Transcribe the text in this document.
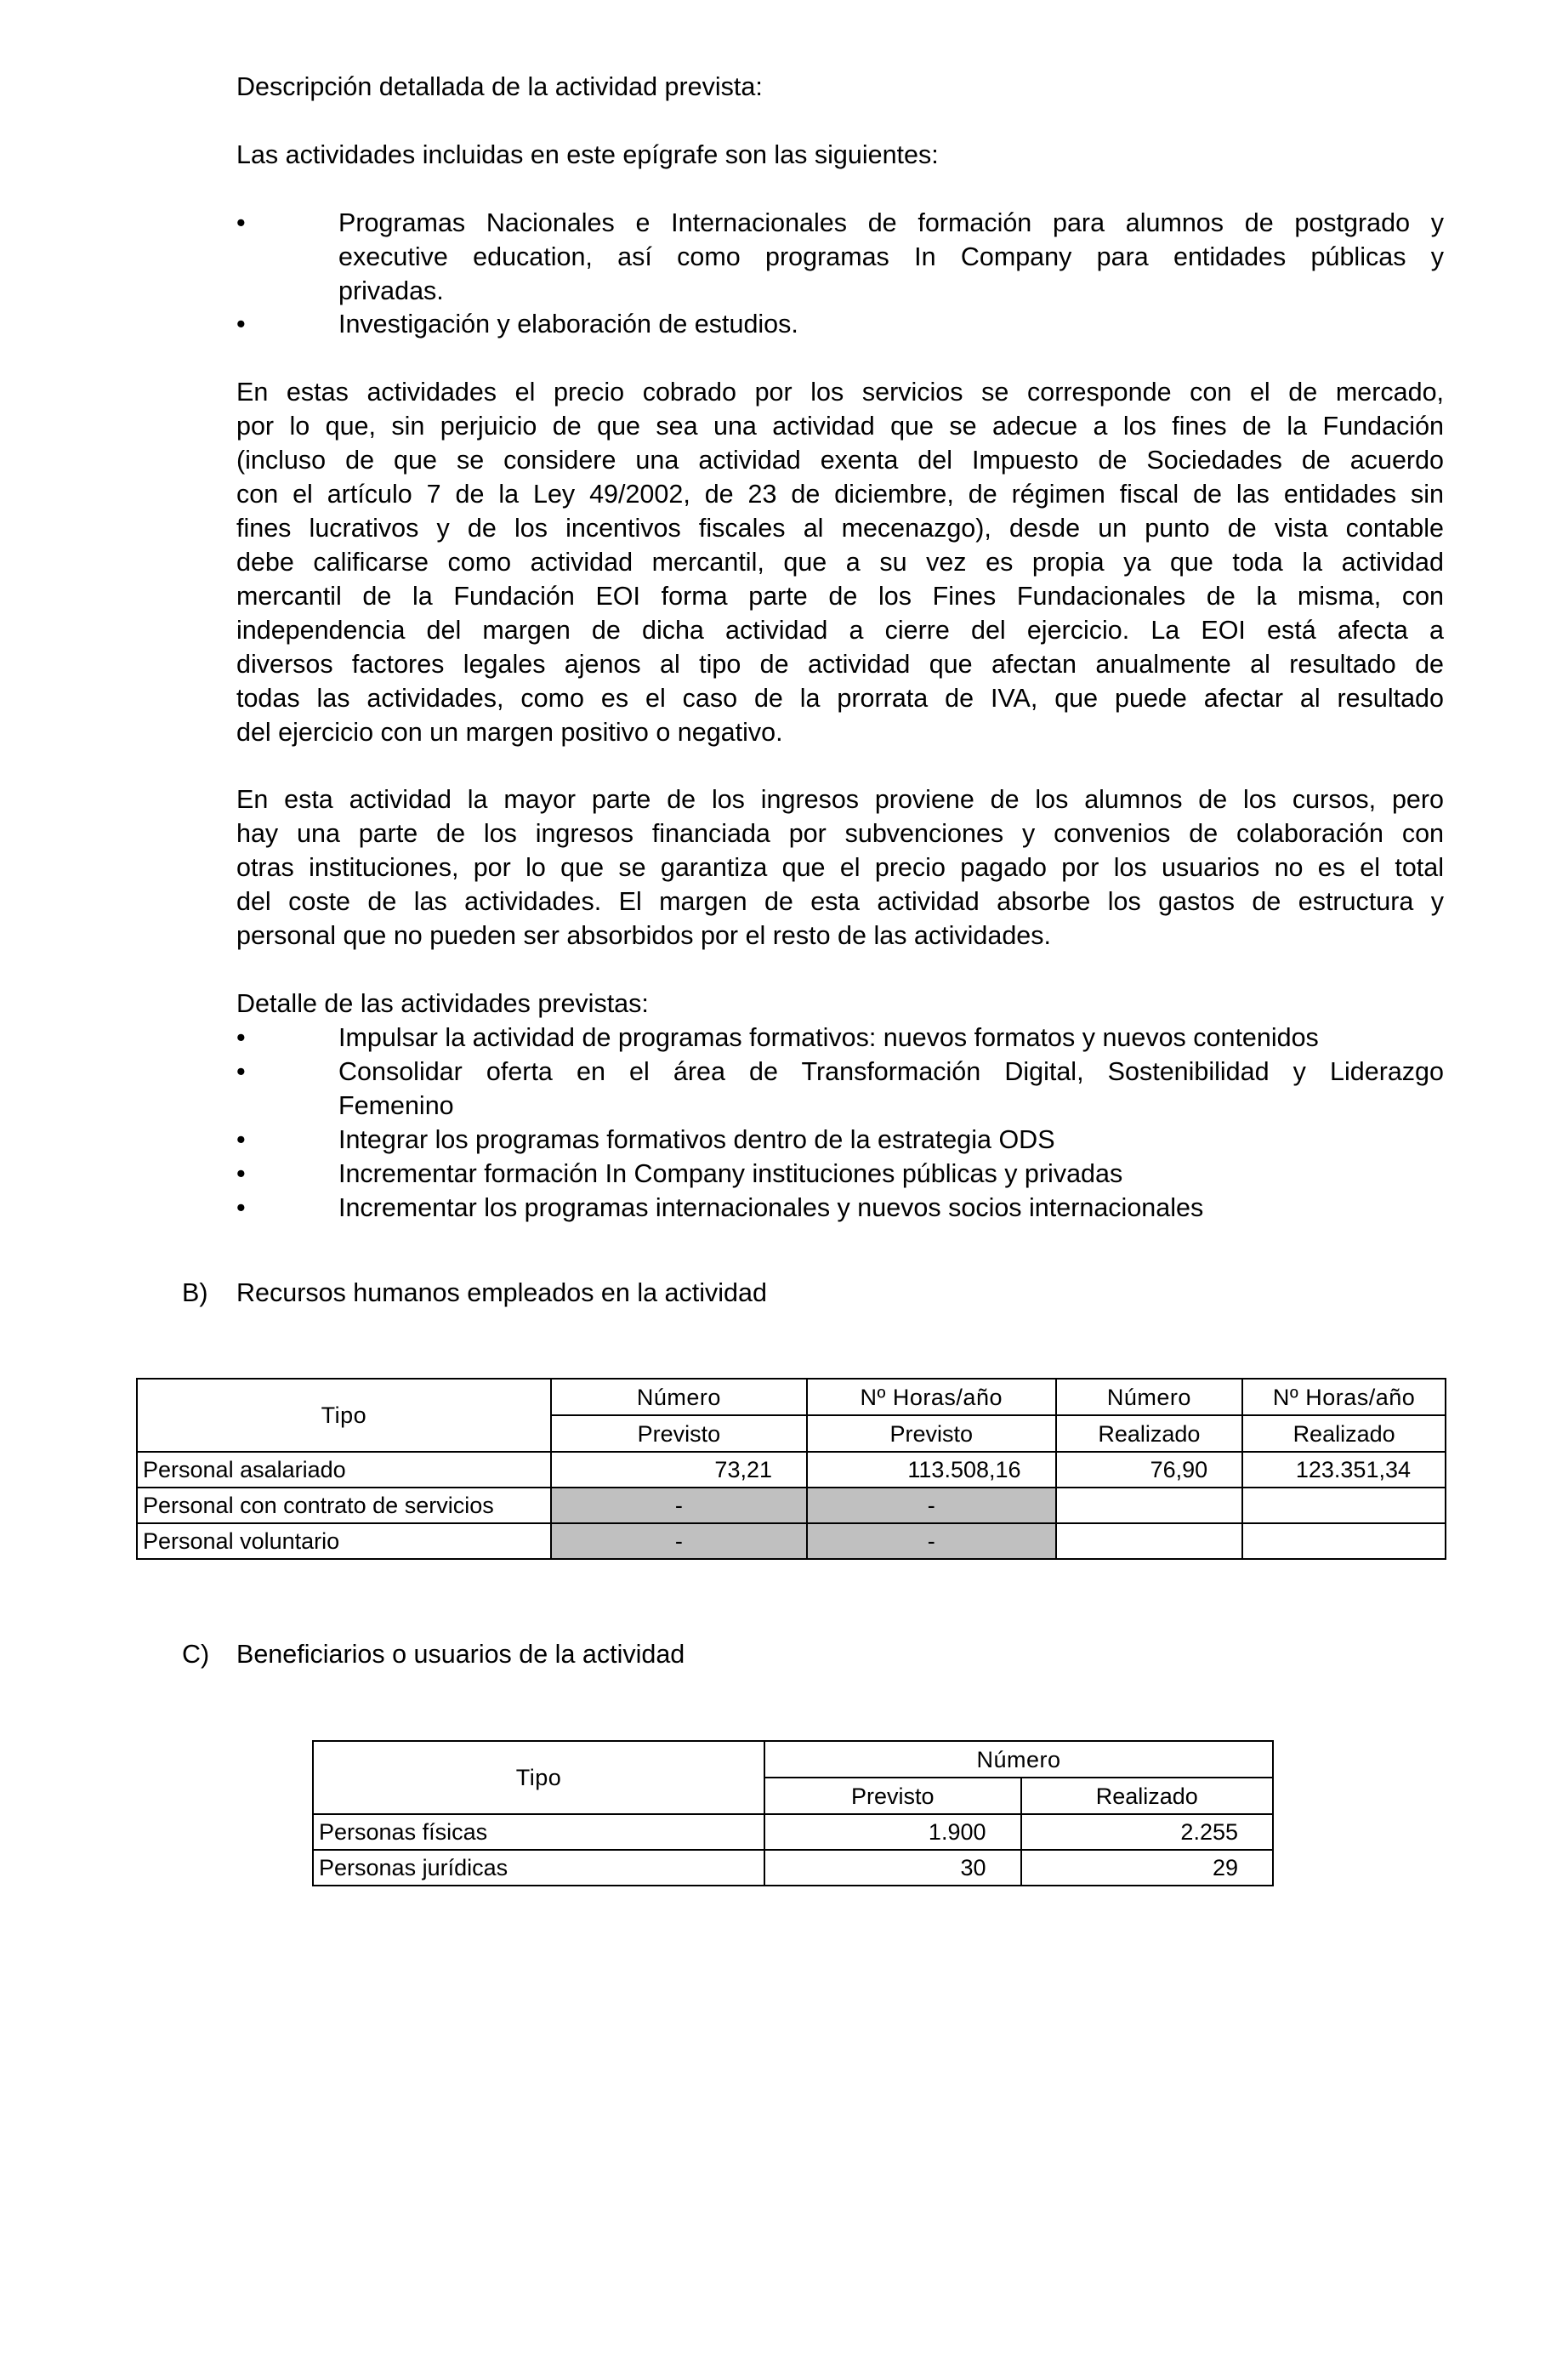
Descripción detallada de la actividad prevista:
Las actividades incluidas en este epígrafe son las siguientes:
•	Programas Nacionales e Internacionales de formación para alumnos de postgrado y
executive education, así como programas In Company para entidades públicas y
privadas.
•	Investigación y elaboración de estudios.
En estas actividades el precio cobrado por los servicios se corresponde con el de mercado,
por lo que, sin perjuicio de que sea una actividad que se adecue a los fines de la Fundación
(incluso de que se considere una actividad exenta del Impuesto de Sociedades de acuerdo
con el artículo 7 de la Ley 49/2002, de 23 de diciembre, de régimen fiscal de las entidades sin
fines lucrativos y de los incentivos fiscales al mecenazgo), desde un punto de vista contable
debe calificarse como actividad mercantil, que a su vez es propia ya que toda la actividad
mercantil de la Fundación EOI forma parte de los Fines Fundacionales de la misma, con
independencia del margen de dicha actividad a cierre del ejercicio. La EOI está afecta a
diversos factores legales ajenos al tipo de actividad que afectan anualmente al resultado de
todas las actividades, como es el caso de la prorrata de IVA, que puede afectar al resultado
del ejercicio con un margen positivo o negativo.
En esta actividad la mayor parte de los ingresos proviene de los alumnos de los cursos, pero
hay una parte de los ingresos financiada por subvenciones y convenios de colaboración con
otras instituciones, por lo que se garantiza que el precio pagado por los usuarios no es el total
del coste de las actividades. El margen de esta actividad absorbe los gastos de estructura y
personal que no pueden ser absorbidos por el resto de las actividades.
Detalle de las actividades previstas:
•	Impulsar la actividad de programas formativos: nuevos formatos y nuevos contenidos
•	Consolidar oferta en el área de Transformación Digital, Sostenibilidad y Liderazgo
Femenino
•	Integrar los programas formativos dentro de la estrategia ODS
•	Incrementar formación In Company instituciones públicas y privadas
•	Incrementar los programas internacionales y nuevos socios internacionales
B) Recursos humanos empleados en la actividad
Tipo	Número	Nº Horas/año	Número	Nº Horas/año
	Previsto	Previsto	Realizado	Realizado
Personal asalariado	73,21	113.508,16	76,90	123.351,34
Personal con contrato de servicios	-	-		
Personal voluntario	-	-		
C) Beneficiarios o usuarios de la actividad
Tipo	Número	
	Previsto	Realizado
Personas físicas	1.900	2.255
Personas jurídicas	30	29
